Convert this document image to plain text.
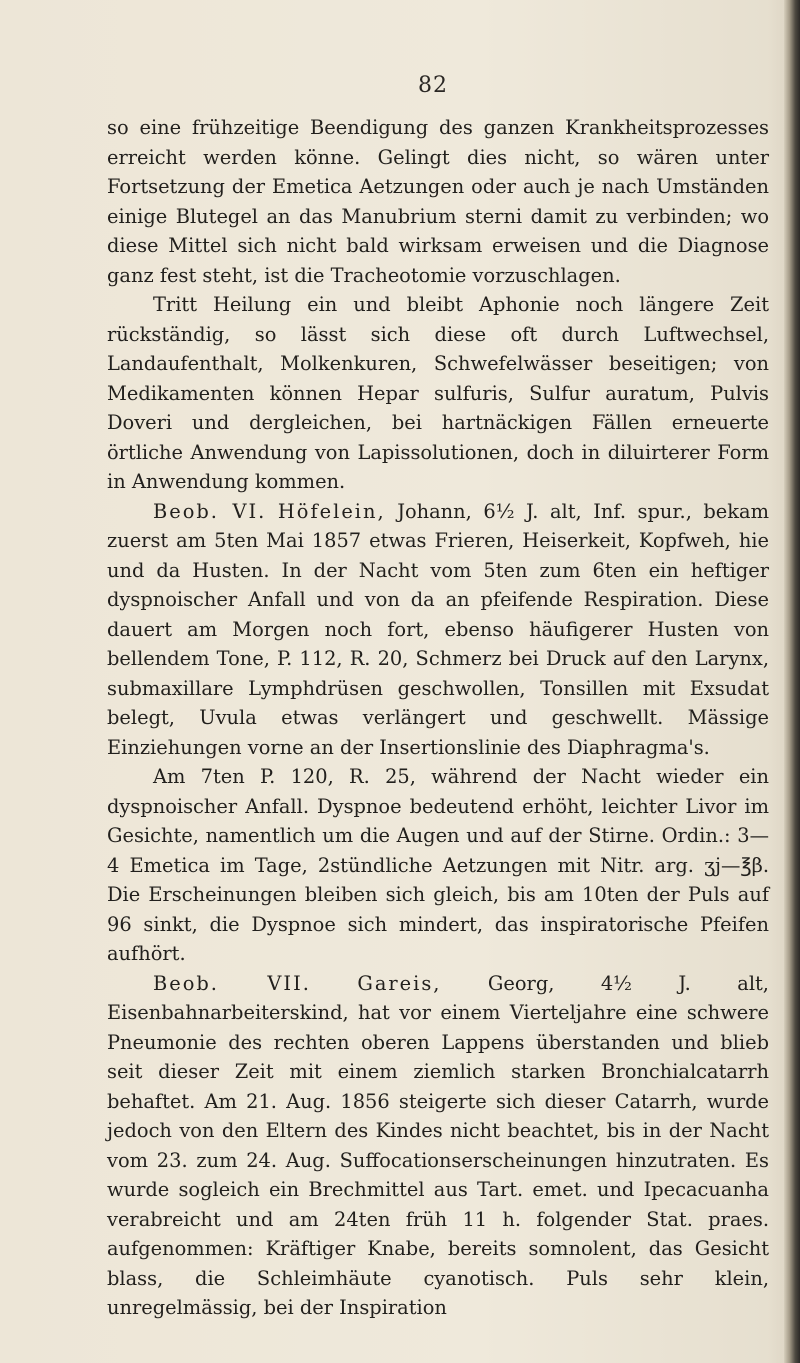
82

so eine frühzeitige Beendigung des ganzen Krankheitsprozesses erreicht werden könne. Gelingt dies nicht, so wären unter Fortsetzung der Emetica Aetzungen oder auch je nach Umständen einige Blutegel an das Manubrium sterni damit zu verbinden; wo diese Mittel sich nicht bald wirksam erweisen und die Diagnose ganz fest steht, ist die Tracheotomie vorzuschlagen.

Tritt Heilung ein und bleibt Aphonie noch längere Zeit rückständig, so lässt sich diese oft durch Luftwechsel, Landaufenthalt, Molkenkuren, Schwefelwässer beseitigen; von Medikamenten können Hepar sulfuris, Sulfur auratum, Pulvis Doveri und dergleichen, bei hartnäckigen Fällen erneuerte örtliche Anwendung von Lapissolutionen, doch in diluirterer Form in Anwendung kommen.

Beob. VI. Höfelein, Johann, 6½ J. alt, Inf. spur., bekam zuerst am 5ten Mai 1857 etwas Frieren, Heiserkeit, Kopfweh, hie und da Husten. In der Nacht vom 5ten zum 6ten ein heftiger dyspnoischer Anfall und von da an pfeifende Respiration. Diese dauert am Morgen noch fort, ebenso häufigerer Husten von bellendem Tone, P. 112, R. 20, Schmerz bei Druck auf den Larynx, submaxillare Lymphdrüsen geschwollen, Tonsillen mit Exsudat belegt, Uvula etwas verlängert und geschwellt. Mässige Einziehungen vorne an der Insertionslinie des Diaphragma's.

Am 7ten P. 120, R. 25, während der Nacht wieder ein dyspnoischer Anfall. Dyspnoe bedeutend erhöht, leichter Livor im Gesichte, namentlich um die Augen und auf der Stirne. Ordin.: 3—4 Emetica im Tage, 2stündliche Aetzungen mit Nitr. arg. ʒj—℥β. Die Erscheinungen bleiben sich gleich, bis am 10ten der Puls auf 96 sinkt, die Dyspnoe sich mindert, das inspiratorische Pfeifen aufhört.

Beob. VII. Gareis, Georg, 4½ J. alt, Eisenbahnarbeiterskind, hat vor einem Vierteljahre eine schwere Pneumonie des rechten oberen Lappens überstanden und blieb seit dieser Zeit mit einem ziemlich starken Bronchialcatarrh behaftet. Am 21. Aug. 1856 steigerte sich dieser Catarrh, wurde jedoch von den Eltern des Kindes nicht beachtet, bis in der Nacht vom 23. zum 24. Aug. Suffocationserscheinungen hinzutraten. Es wurde sogleich ein Brechmittel aus Tart. emet. und Ipecacuanha verabreicht und am 24ten früh 11 h. folgender Stat. praes. aufgenommen: Kräftiger Knabe, bereits somnolent, das Gesicht blass, die Schleimhäute cyanotisch. Puls sehr klein, unregelmässig, bei der Inspiration
